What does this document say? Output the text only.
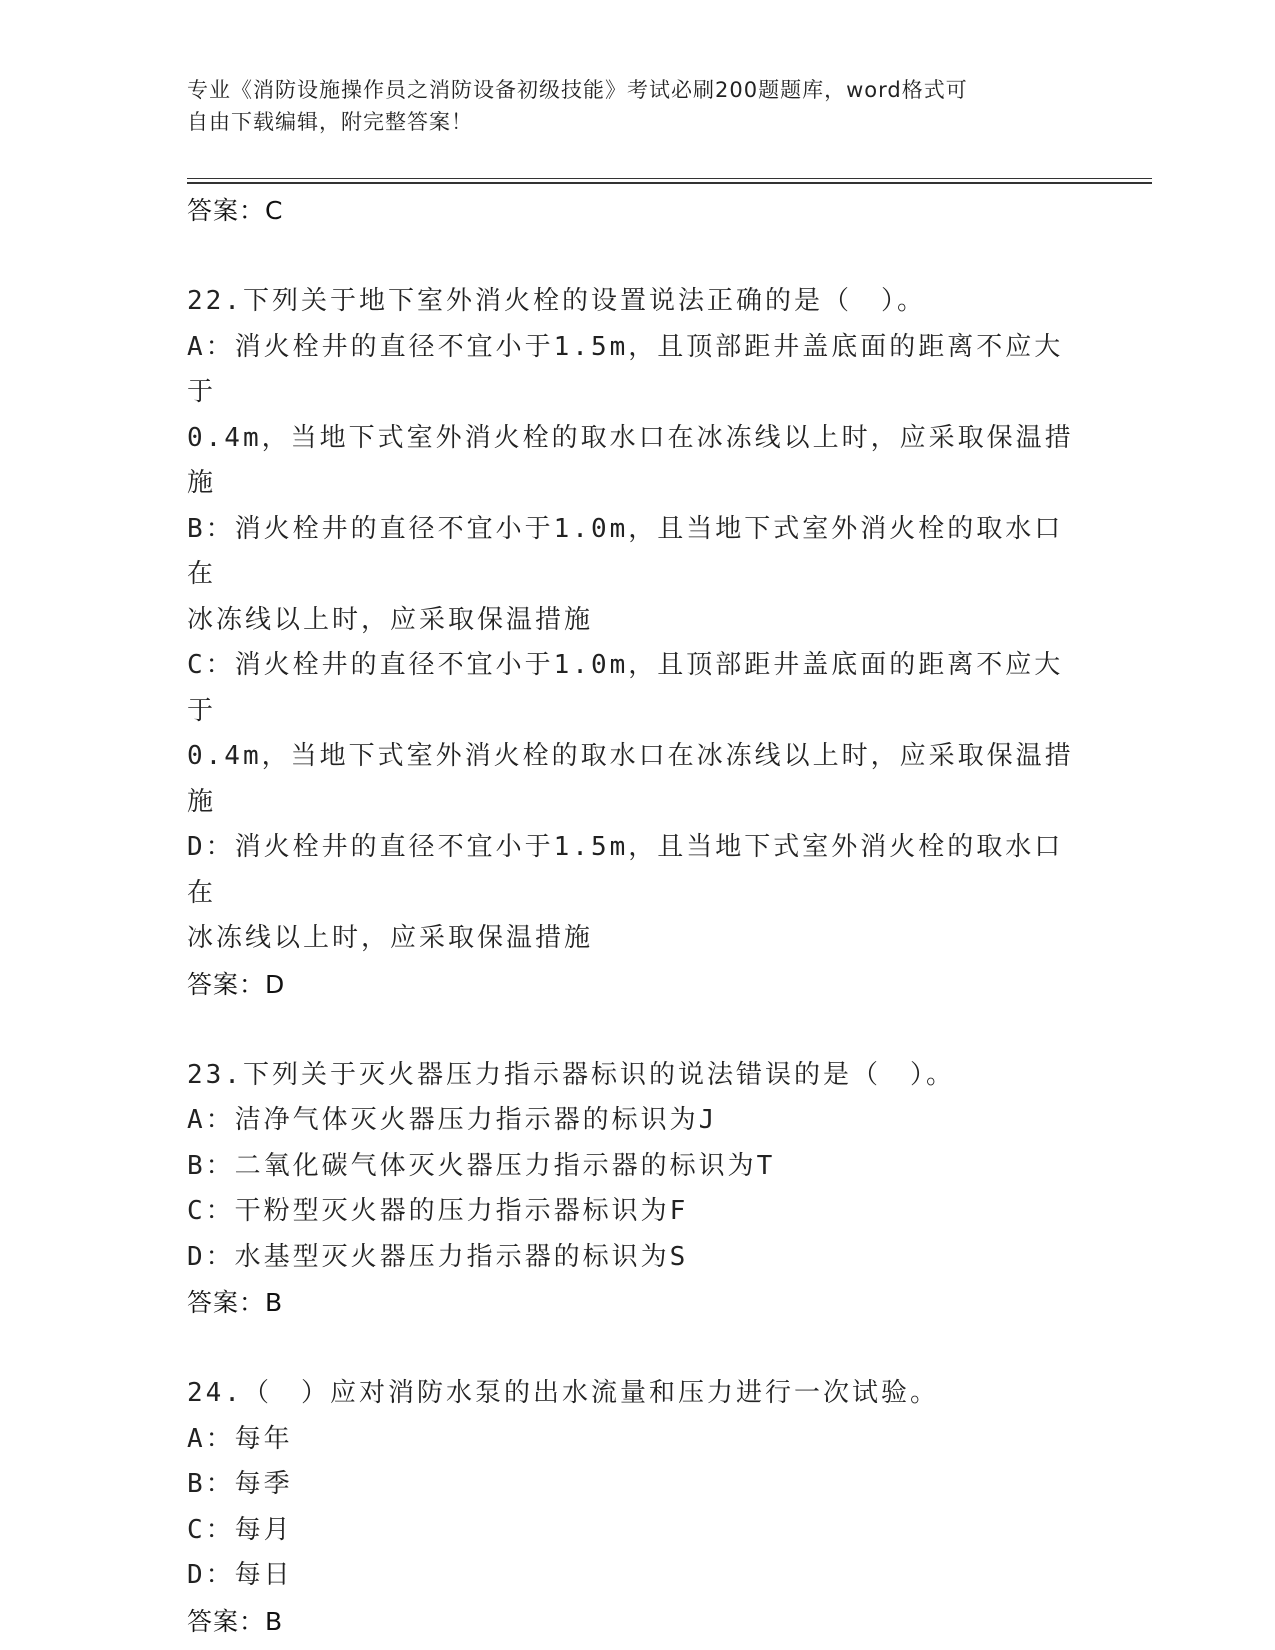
专业《消防设施操作员之消防设备初级技能》考试必刷200题题库，word格式可
自由下载编辑，附完整答案！
答案：C
22.下列关于地下室外消火栓的设置说法正确的是（　）。
A：消火栓井的直径不宜小于1.5m，且顶部距井盖底面的距离不应大于
0.4m，当地下式室外消火栓的取水口在冰冻线以上时，应采取保温措
施
B：消火栓井的直径不宜小于1.0m，且当地下式室外消火栓的取水口在
冰冻线以上时，应采取保温措施
C：消火栓井的直径不宜小于1.0m，且顶部距井盖底面的距离不应大于
0.4m，当地下式室外消火栓的取水口在冰冻线以上时，应采取保温措
施
D：消火栓井的直径不宜小于1.5m，且当地下式室外消火栓的取水口在
冰冻线以上时，应采取保温措施
答案：D
23.下列关于灭火器压力指示器标识的说法错误的是（　）。
A：洁净气体灭火器压力指示器的标识为J
B：二氧化碳气体灭火器压力指示器的标识为T
C：干粉型灭火器的压力指示器标识为F
D：水基型灭火器压力指示器的标识为S
答案：B
24.（　）应对消防水泵的出水流量和压力进行一次试验。
A：每年
B：每季
C：每月
D：每日
答案：B
